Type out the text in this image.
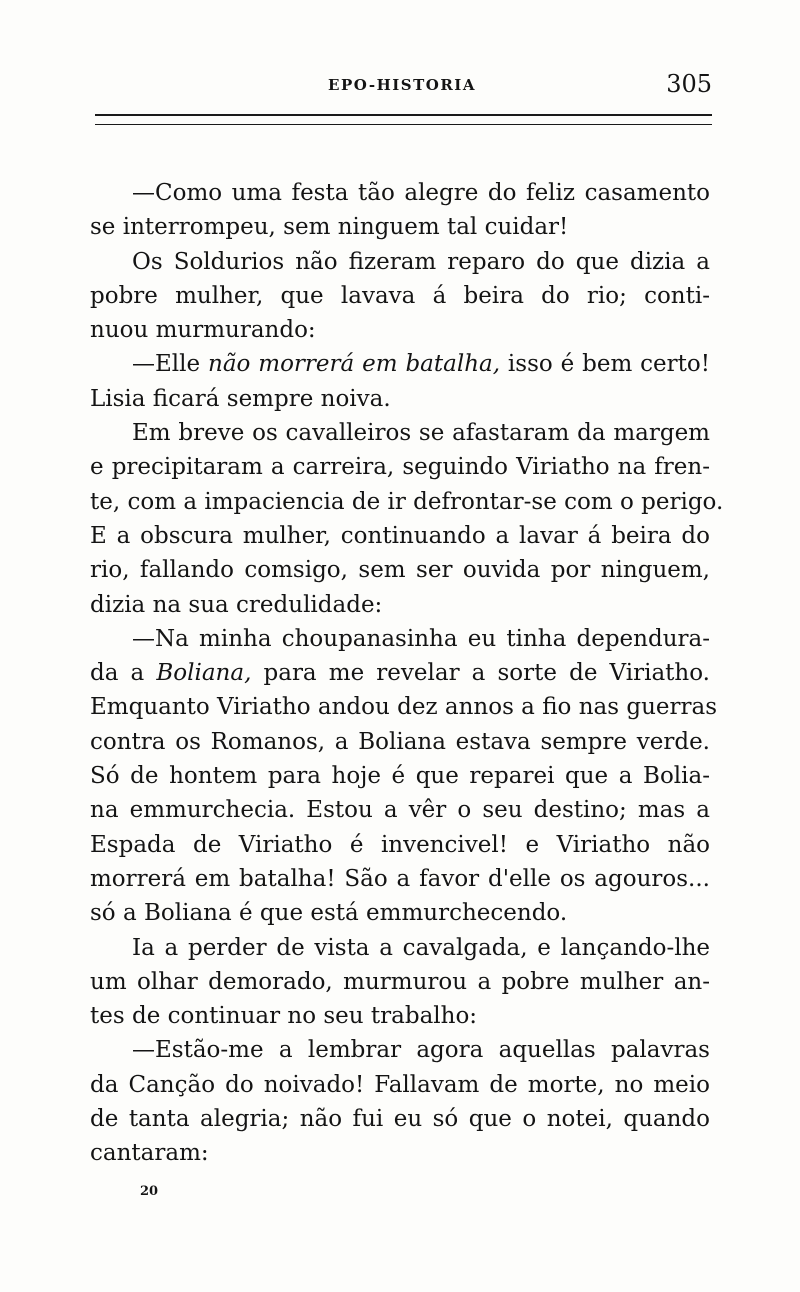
EPO-HISTORIA	305
—Como uma festa tão alegre do feliz casamento
se interrompeu, sem ninguem tal cuidar!
Os Soldurios não fizeram reparo do que dizia a
pobre mulher, que lavava á beira do rio; conti-
nuou murmurando:
—Elle não morrerá em batalha, isso é bem certo!
Lisia ficará sempre noiva.
Em breve os cavalleiros se afastaram da margem
e precipitaram a carreira, seguindo Viriatho na fren-
te, com a impaciencia de ir defrontar-se com o perigo.
E a obscura mulher, continuando a lavar á beira do
rio, fallando comsigo, sem ser ouvida por ninguem,
dizia na sua credulidade:
—Na minha choupanasinha eu tinha dependura-
da a Boliana, para me revelar a sorte de Viriatho.
Emquanto Viriatho andou dez annos a fio nas guerras
contra os Romanos, a Boliana estava sempre verde.
Só de hontem para hoje é que reparei que a Bolia-
na emmurchecia. Estou a vêr o seu destino; mas a
Espada de Viriatho é invencivel! e Viriatho não
morrerá em batalha! São a favor d'elle os agouros...
só a Boliana é que está emmurchecendo.
Ia a perder de vista a cavalgada, e lançando-lhe
um olhar demorado, murmurou a pobre mulher an-
tes de continuar no seu trabalho:
—Estão-me a lembrar agora aquellas palavras
da Canção do noivado! Fallavam de morte, no meio
de tanta alegria; não fui eu só que o notei, quando
cantaram:
20
